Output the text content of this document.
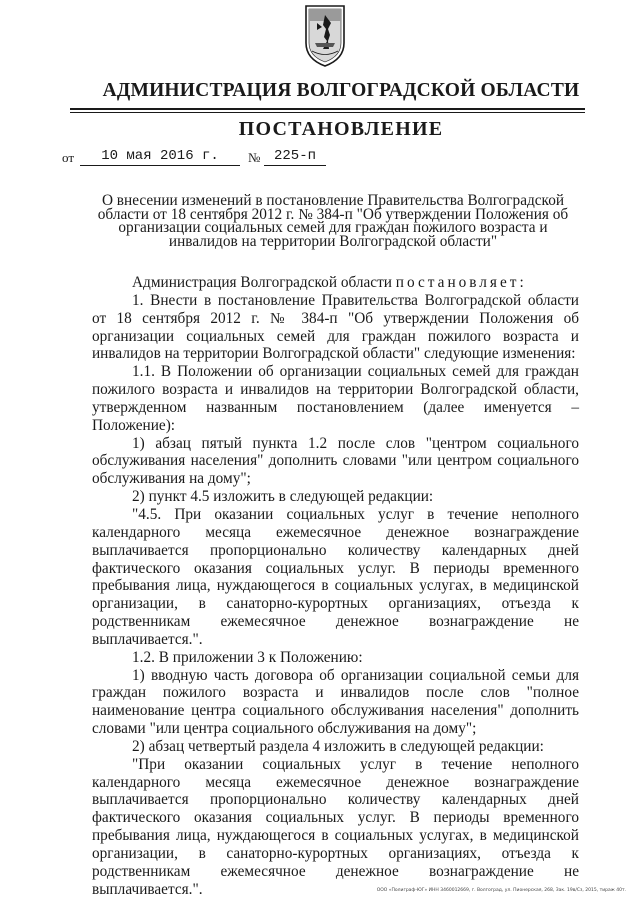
АДМИНИСТРАЦИЯ ВОЛГОГРАДСКОЙ ОБЛАСТИ
ПОСТАНОВЛЕНИЕ
от	10 мая 2016 г.	№ 225-п
О внесении изменений в постановление Правительства Волгоградской области от 18 сентября 2012 г. № 384-п "Об утверждении Положения об организации социальных семей для граждан пожилого возраста и инвалидов на территории Волгоградской области"

Администрация Волгоградской области постановляет:

1. Внести в постановление Правительства Волгоградской области от 18 сентября 2012 г. № 384-п "Об утверждении Положения об организации социальных семей для граждан пожилого возраста и инвалидов на территории Волгоградской области" следующие изменения:

1.1. В Положении об организации социальных семей для граждан пожилого возраста и инвалидов на территории Волгоградской области, утвержденном названным постановлением (далее именуется – Положение):

1) абзац пятый пункта 1.2 после слов "центром социального обслуживания населения" дополнить словами "или центром социального обслуживания на дому";

2) пункт 4.5 изложить в следующей редакции:

"4.5. При оказании социальных услуг в течение неполного календарного месяца ежемесячное денежное вознаграждение выплачивается пропорционально количеству календарных дней фактического оказания социальных услуг. В периоды временного пребывания лица, нуждающегося в социальных услугах, в медицинской организации, в санаторно-курортных организациях, отъезда к родственникам ежемесячное денежное вознаграждение не выплачивается.".

1.2. В приложении 3 к Положению:

1) вводную часть договора об организации социальной семьи для граждан пожилого возраста и инвалидов после слов "полное наименование центра социального обслуживания населения" дополнить словами "или центра социального обслуживания на дому";

2) абзац четвертый раздела 4 изложить в следующей редакции:

"При оказании социальных услуг в течение неполного календарного месяца ежемесячное денежное вознаграждение выплачивается пропорционально количеству календарных дней фактического оказания социальных услуг. В периоды временного пребывания лица, нуждающегося в социальных услугах, в медицинской организации, в санаторно-курортных организациях, отъезда к родственникам ежемесячное денежное вознаграждение не выплачивается.".	ООО «Полиграф-ЮГ» ИНН 3460012669, г. Волгоград, ул. Пионерская, 268, Зак. 19в/Сз, 2015, тираж 40т.
